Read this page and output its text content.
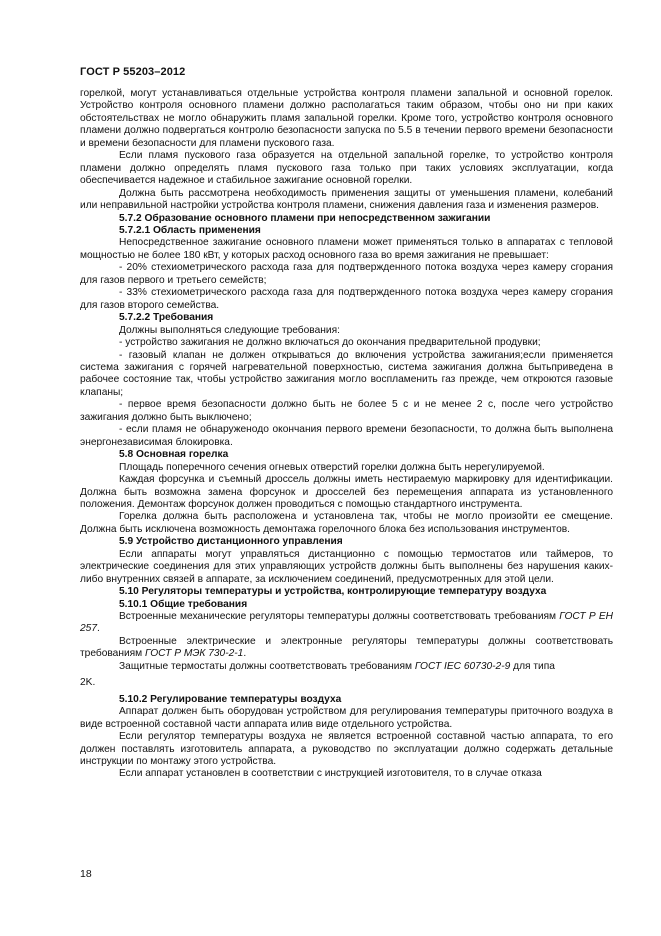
ГОСТ Р 55203–2012

горелкой, могут устанавливаться отдельные устройства контроля пламени запальной и основной горелок. Устройство контроля основного пламени должно располагаться таким образом, чтобы оно ни при каких обстоятельствах не могло обнаружить пламя запальной горелки. Кроме того, устройство контроля основного пламени должно подвергаться контролю безопасности запуска по 5.5 в течении первого времени безопасности и времени безопасности для пламени пускового газа.

Если пламя пускового газа образуется на отдельной запальной горелке, то устройство контроля пламени должно определять пламя пускового газа только при таких условиях эксплуатации, когда обеспечивается надежное и стабильное зажигание основной горелки.

Должна быть рассмотрена необходимость применения защиты от уменьшения пламени, колебаний или неправильной настройки устройства контроля пламени, снижения давления газа и изменения размеров.

5.7.2 Образование основного пламени при непосредственном зажигании

5.7.2.1 Область применения

Непосредственное зажигание основного пламени может применяться только в аппаратах с тепловой мощностью не более 180 кВт, у которых расход основного газа во время зажигания не превышает:

- 20% стехиометрического расхода газа для подтвержденного потока воздуха через камеру сгорания для газов первого и третьего семейств;

- 33% стехиометрического расхода газа для подтвержденного потока воздуха через камеру сгорания для газов второго семейства.

5.7.2.2 Требования

Должны выполняться следующие требования:

- устройство зажигания не должно включаться до окончания предварительной продувки;

- газовый клапан не должен открываться до включения устройства зажигания;если применяется система зажигания с горячей нагревательной поверхностью, система зажигания должна бытьприведена в рабочее состояние так, чтобы устройство зажигания могло воспламенить газ прежде, чем откроются газовые клапаны;

- первое время безопасности должно быть не более 5 с и не менее 2 с, после чего устройство зажигания должно быть выключено;

- если пламя не обнаруженодо окончания первого времени безопасности, то должна быть выполнена энергонезависимая блокировка.

5.8 Основная горелка

Площадь поперечного сечения огневых отверстий горелки должна быть нерегулируемой.

Каждая форсунка и съемный дроссель должны иметь нестираемую маркировку для идентификации. Должна быть возможна замена форсунок и дросселей без перемещения аппарата из установленного положения. Демонтаж форсунок должен проводиться с помощью стандартного инструмента.

Горелка должна быть расположена и установлена так, чтобы не могло произойти ее смещение. Должна быть исключена возможность демонтажа горелочного блока без использования инструментов.

5.9 Устройство дистанционного управления

Если аппараты могут управляться дистанционно с помощью термостатов или таймеров, то электрические соединения для этих управляющих устройств должны быть выполнены без нарушения каких-либо внутренних связей в аппарате, за исключением соединений, предусмотренных для этой цели.

5.10 Регуляторы температуры и устройства, контролирующие температуру воздуха

5.10.1 Общие требования

Встроенные механические регуляторы температуры должны соответствовать требованиям ГОСТ Р ЕН 257.

Встроенные электрические и электронные регуляторы температуры должны соответствовать требованиям ГОСТ Р МЭК 730-2-1.

Защитные термостаты должны соответствовать требованиям ГОСТ IEC 60730-2-9 для типа

2K.

5.10.2 Регулирование температуры воздуха

Аппарат должен быть оборудован устройством для регулирования температуры приточного воздуха в виде встроенной составной части аппарата илив виде отдельного устройства.

Если регулятор температуры воздуха не является встроенной составной частью аппарата, то его должен поставлять изготовитель аппарата, а руководство по эксплуатации должно содержать детальные инструкции по монтажу этого устройства.

Если аппарат установлен в соответствии с инструкцией изготовителя, то в случае отказа

18
